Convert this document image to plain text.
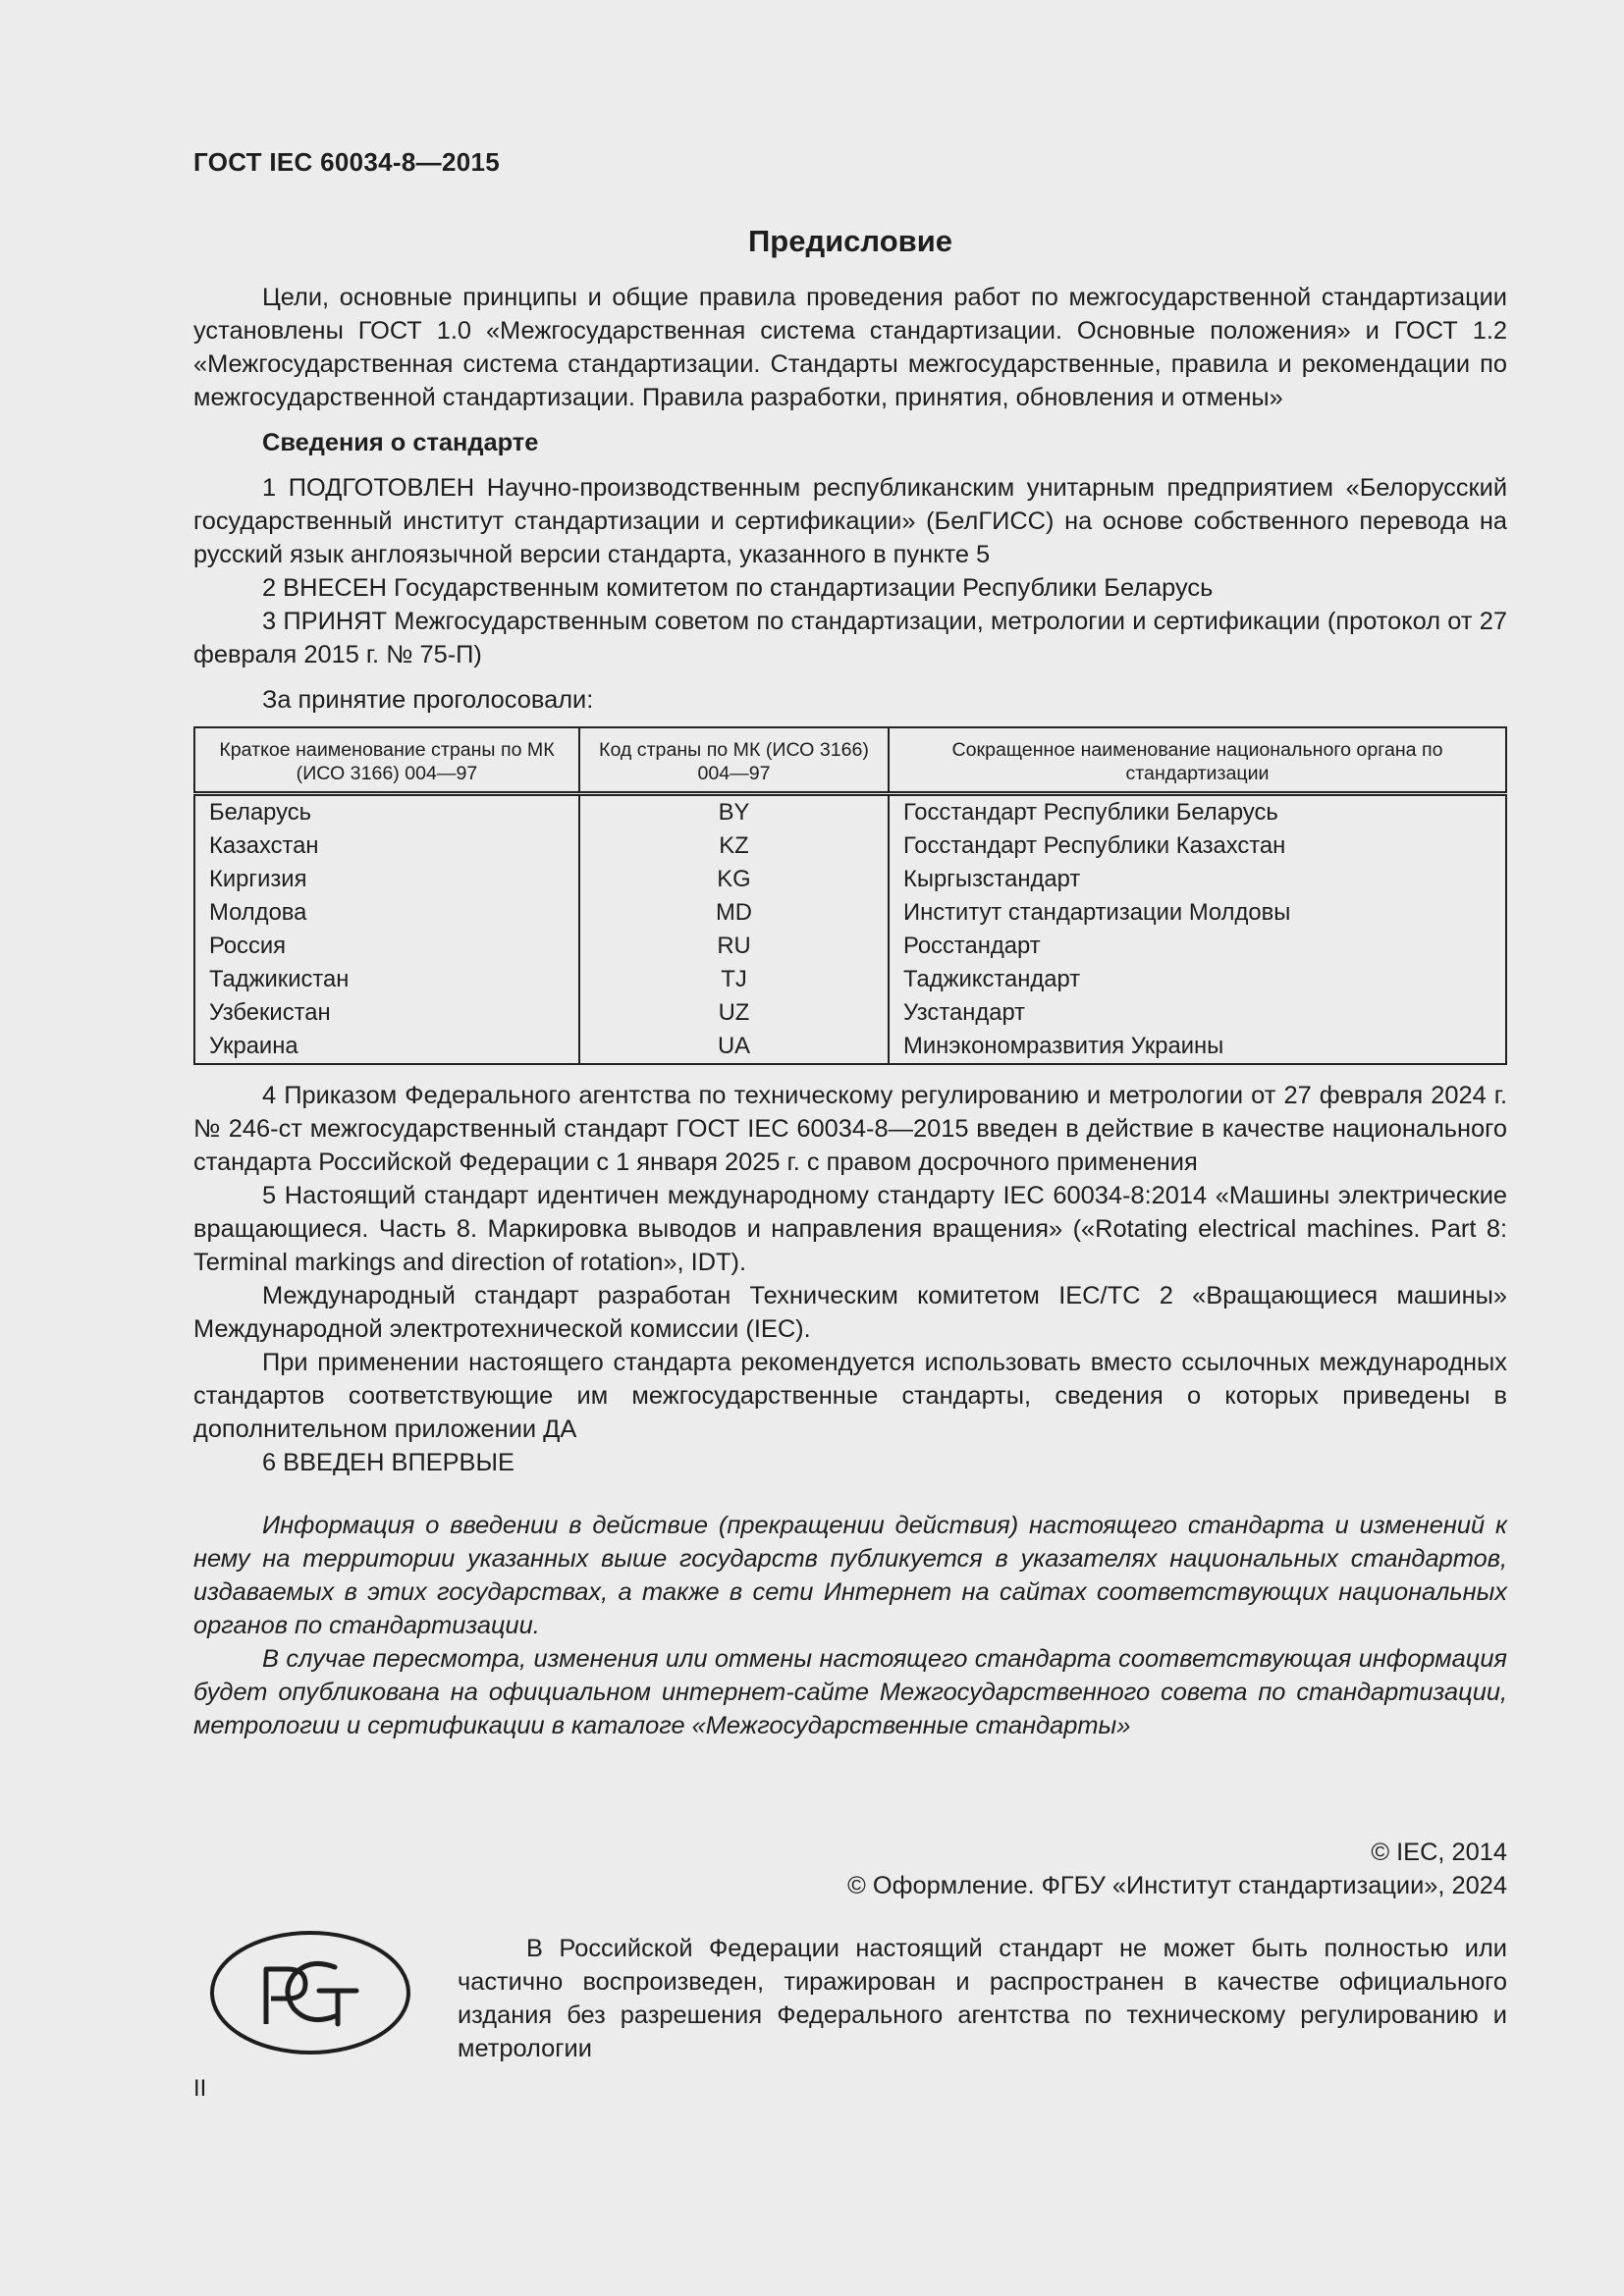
ГОСТ IEC 60034-8—2015
Предисловие

Цели, основные принципы и общие правила проведения работ по межгосударственной стандартизации установлены ГОСТ 1.0 «Межгосударственная система стандартизации. Основные положения» и ГОСТ 1.2 «Межгосударственная система стандартизации. Стандарты межгосударственные, правила и рекомендации по межгосударственной стандартизации. Правила разработки, принятия, обновления и отмены»

Сведения о стандарте

1 ПОДГОТОВЛЕН Научно-производственным республиканским унитарным предприятием «Белорусский государственный институт стандартизации и сертификации» (БелГИСС) на основе собственного перевода на русский язык англоязычной версии стандарта, указанного в пункте 5

2 ВНЕСЕН Государственным комитетом по стандартизации Республики Беларусь

3 ПРИНЯТ Межгосударственным советом по стандартизации, метрологии и сертификации (протокол от 27 февраля 2015 г. № 75-П)

За принятие проголосовали:

Краткое наименование страны по МК (ИСО 3166) 004—97	Код страны по МК (ИСО 3166) 004—97	Сокращенное наименование национального органа по стандартизации
Беларусь	BY	Госстандарт Республики Беларусь
Казахстан	KZ	Госстандарт Республики Казахстан
Киргизия	KG	Кыргызстандарт
Молдова	MD	Институт стандартизации Молдовы
Россия	RU	Росстандарт
Таджикистан	TJ	Таджикстандарт
Узбекистан	UZ	Узстандарт
Украина	UA	Минэкономразвития Украины

4 Приказом Федерального агентства по техническому регулированию и метрологии от 27 февраля 2024 г. № 246-ст межгосударственный стандарт ГОСТ IEC 60034-8—2015 введен в действие в качестве национального стандарта Российской Федерации с 1 января 2025 г. с правом досрочного применения

5 Настоящий стандарт идентичен международному стандарту IEC 60034-8:2014 «Машины электрические вращающиеся. Часть 8. Маркировка выводов и направления вращения» («Rotating electrical machines. Part 8: Terminal markings and direction of rotation», IDT).

Международный стандарт разработан Техническим комитетом IEC/TC 2 «Вращающиеся машины» Международной электротехнической комиссии (IEC).

При применении настоящего стандарта рекомендуется использовать вместо ссылочных международных стандартов соответствующие им межгосударственные стандарты, сведения о которых приведены в дополнительном приложении ДА

6 ВВЕДЕН ВПЕРВЫЕ

Информация о введении в действие (прекращении действия) настоящего стандарта и изменений к нему на территории указанных выше государств публикуется в указателях национальных стандартов, издаваемых в этих государствах, а также в сети Интернет на сайтах соответствующих национальных органов по стандартизации.

В случае пересмотра, изменения или отмены настоящего стандарта соответствующая информация будет опубликована на официальном интернет-сайте Межгосударственного совета по стандартизации, метрологии и сертификации в каталоге «Межгосударственные стандарты»

© IEC, 2014
© Оформление. ФГБУ «Институт стандартизации», 2024
В Российской Федерации настоящий стандарт не может быть полностью или частично воспроизведен, тиражирован и распространен в качестве официального издания без разрешения Федерального агентства по техническому регулированию и метрологии
II
